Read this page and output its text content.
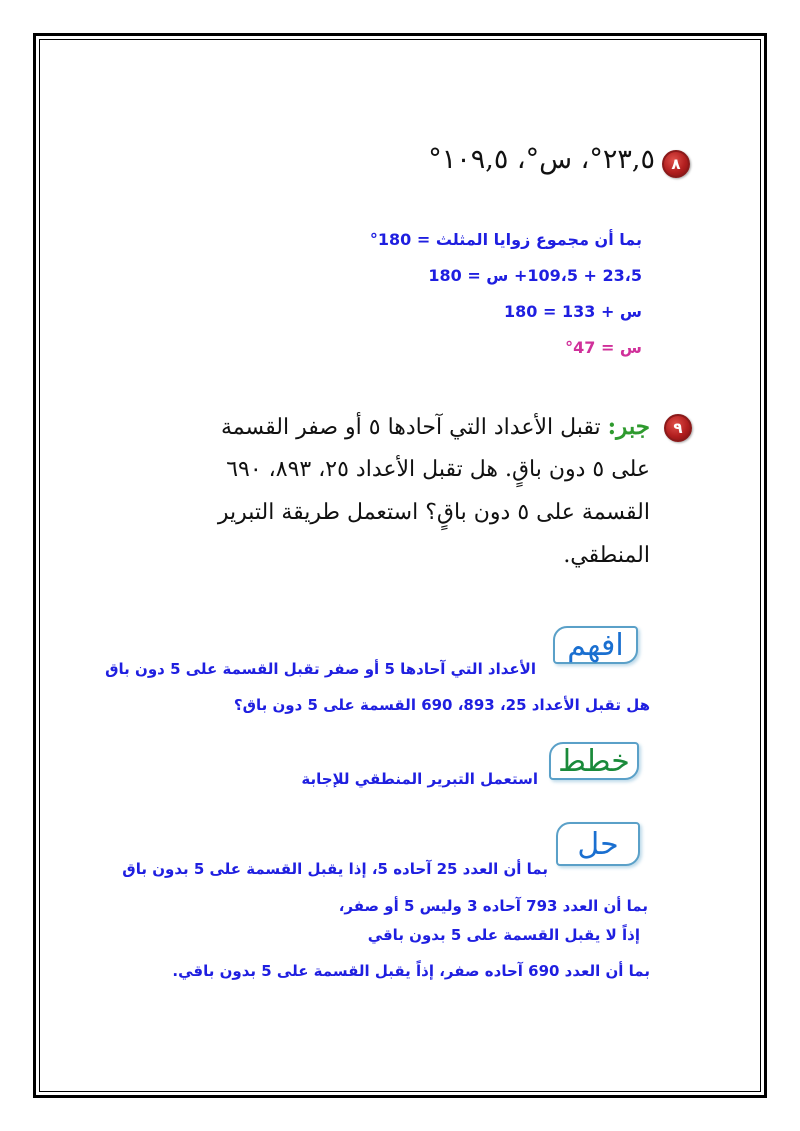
٨
٢٣,٥°، س°، ١٠٩,٥°
بما أن مجموع زوايا المثلث = 180°
23،5 + 109،5+ س = 180
س + 133 = 180
س = 47°
٩
جبر: تقبل الأعداد التي آحادها ٥ أو صفر القسمة
على ٥ دون باقٍ. هل تقبل الأعداد ٢٥، ٨٩٣، ٦٩٠
القسمة على ٥ دون باقٍ؟ استعمل طريقة التبرير
المنطقي.
افهم
الأعداد التي آحادها 5 أو صفر تقبل القسمة على 5 دون باق
هل تقبل الأعداد 25، 893، 690 القسمة على 5 دون باق؟
خطط
استعمل التبرير المنطقي للإجابة
حل
بما أن العدد 25 آحاده 5، إذا يقبل القسمة على 5 بدون باق
بما أن العدد 793 آحاده 3 وليس 5 أو صفر،
إذاً لا يقبل القسمة على 5 بدون باقي
بما أن العدد 690 آحاده صفر، إذاً يقبل القسمة على 5 بدون باقي.
